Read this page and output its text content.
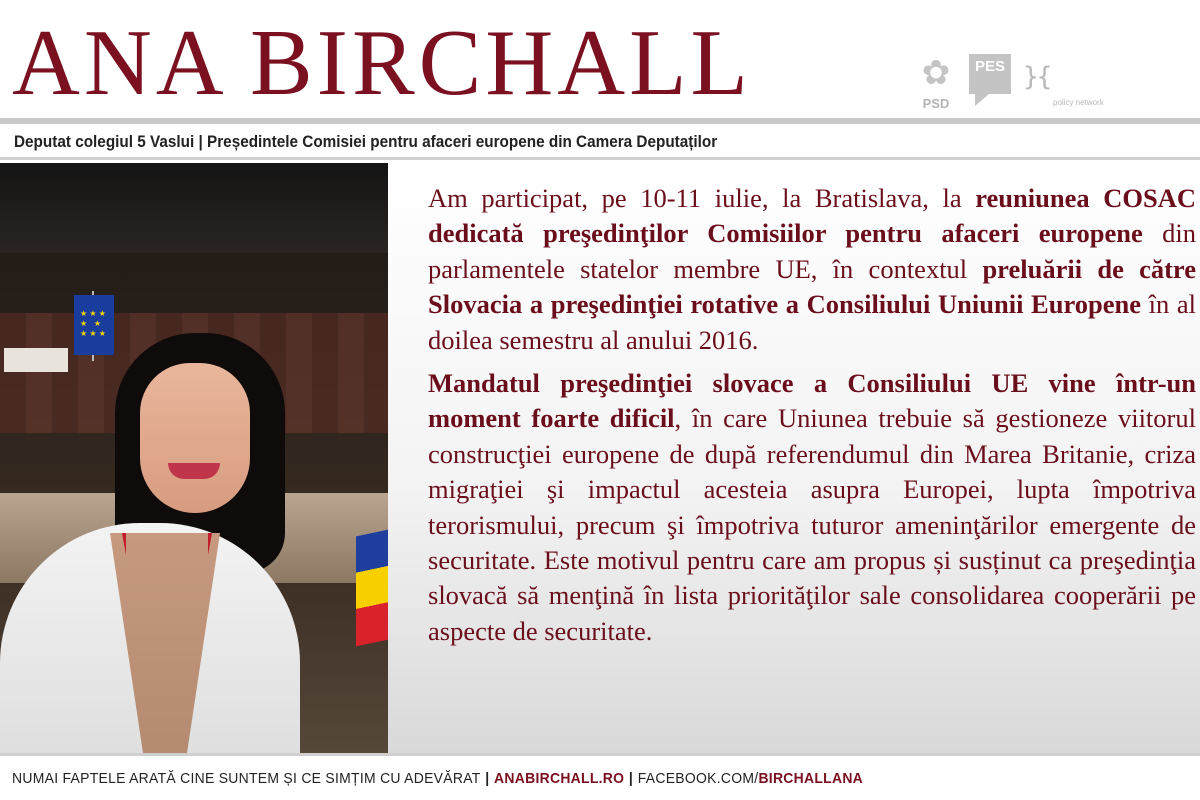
ANA BIRCHALL	✿
PSD
PES }{
policy network
Deputat colegiul 5 Vaslui | Președintele Comisiei pentru afaceri europene din Camera Deputaților
★ ★ ★ ★ ★ ★ ★ ★

Am participat, pe 10-11 iulie, la Bratislava, la reuniunea COSAC dedicată preşedinţilor Comisiilor pentru afaceri europene din parlamentele statelor membre UE, în contextul preluării de către Slovacia a preşedinţiei rotative a Consiliului Uniunii Europene în al doilea semestru al anului 2016.

Mandatul preşedinţiei slovace a Consiliului UE vine într-un moment foarte dificil, în care Uniunea trebuie să gestioneze viitorul construcţiei europene de după referendumul din Marea Britanie, criza migraţiei şi impactul acesteia asupra Europei, lupta împotriva terorismului, precum şi împotriva tuturor ameninţărilor emergente de securitate. Este motivul pentru care am propus și susținut ca preşedinţia slovacă să menţină în lista priorităţilor sale consolidarea cooperării pe aspecte de securitate.

NUMAI FAPTELE ARATĂ CINE SUNTEM ȘI CE SIMȚIM CU ADEVĂRAT | ANABIRCHALL.RO | FACEBOOK.COM/BIRCHALLANA
